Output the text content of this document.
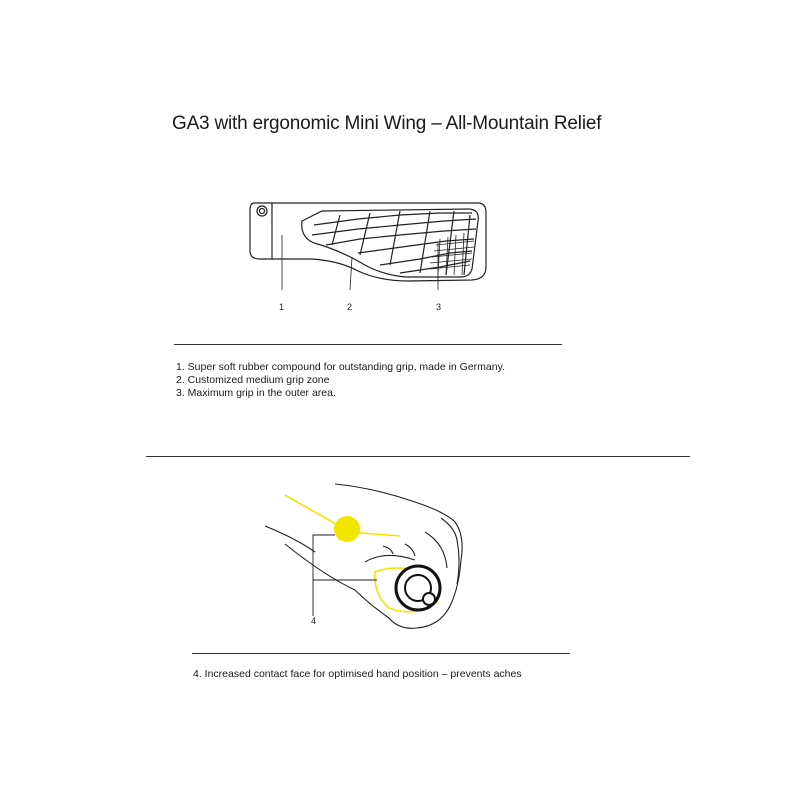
GA3 with ergonomic Mini Wing – All-Mountain Relief
1	2	3
1. Super soft rubber compound for outstanding grip, made in Germany.
2. Customized medium grip zone
3. Maximum grip in the outer area.
4

4. Increased contact face for optimised hand position – prevents aches
